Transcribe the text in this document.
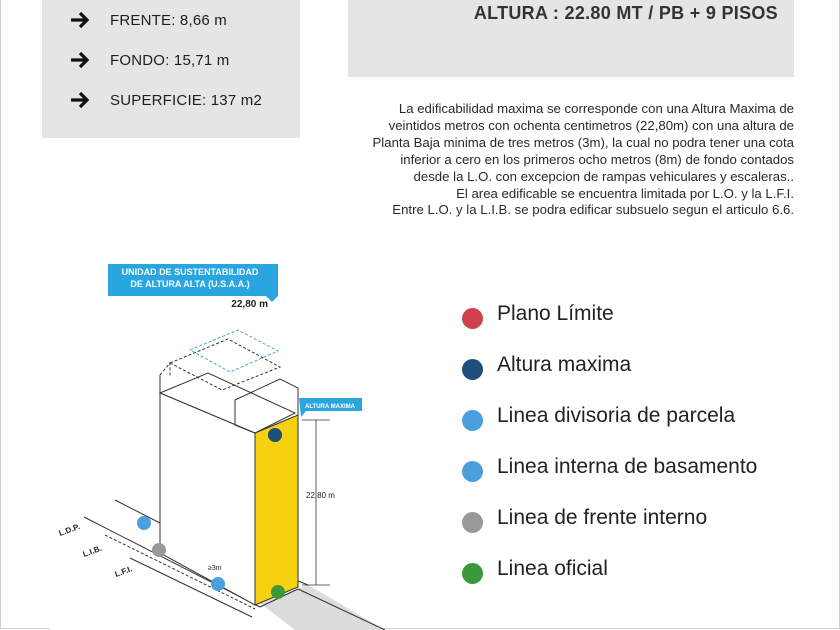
FRENTE: 8,66 m
FONDO: 15,71 m
SUPERFICIE: 137 m2
ALTURA : 22.80 MT / PB + 9 PISOS
La edificabilidad maxima se corresponde con una Altura Maxima de
veintidos metros con ochenta centimetros (22,80m) con una altura de
Planta Baja minima de tres metros (3m), la cual no podra tener una cota
inferior a cero en los primeros ocho metros (8m) de fondo contados
desde la L.O. con excepcion de rampas vehiculares y escaleras..
El area edificable se encuentra limitada por L.O. y la L.F.I.
Entre L.O. y la L.I.B. se podra edificar subsuelo segun el articulo 6.6.
UNIDAD DE SUSTENTABILIDAD
DE ALTURA ALTA (U.S.A.A.)
22,80 m
ALTURA MAXIMA
22,80 m
≥3m
L.D.P.
L.I.B.
L.F.I.
Plano Límite
Altura maxima
Linea divisoria de parcela
Linea interna de basamento
Linea de frente interno
Linea oficial
